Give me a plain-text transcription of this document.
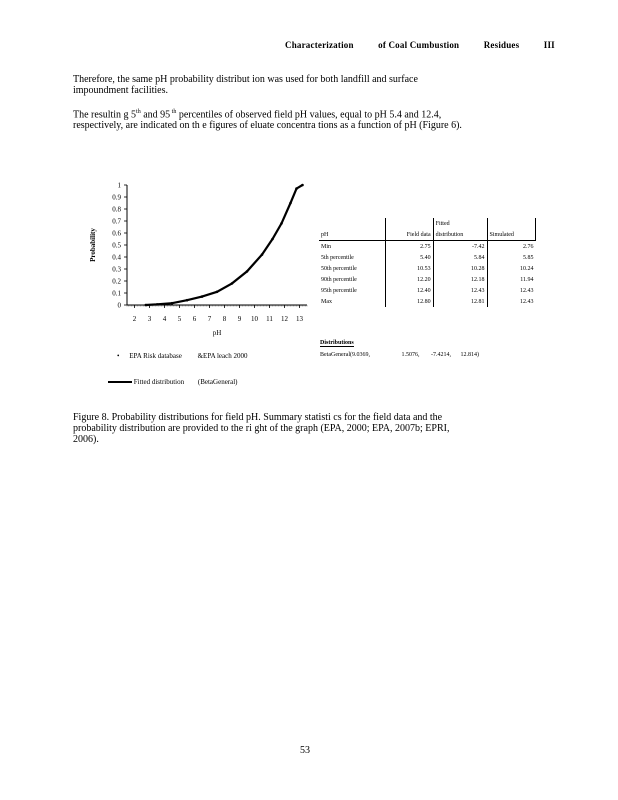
Characterization	of Coal Cumbustion	Residues	III

Therefore, the same pH probability distribut ion was used for both landfill and surface

impoundment facilities.

The resultin g 5th and 95 $^{th}$ percentiles of observed field pH values, equal to pH 5.4 and 12.4,

respectively, are indicated on th e figures of eluate concentra tions as a function of pH (Figure 6).

0
0.1
0.2
0.3
0.4
0.5
0.6
0.7
0.8
0.9
1
2 3 4 5 6 7 8 9 10 11 12 13
pH
Probability
• EPA Risk database &EPA leach 2000
Fitted distribution (BetaGeneral)
		Fitted	
pH	Field data	distribution	Simulated
Min	2.75	-7.42	2.76
5th percentile	5.40	5.84	5.85
50th percentile	10.53	10.28	10.24
90th percentile	12.20	12.18	11.94
95th percentile	12.40	12.43	12.43
Max	12.80	12.81	12.43
Distributions
BetaGeneral(9.0369,	1.5076, -7.4214, 12.814)
Figure 8. Probability distributions for field pH. Summary statisti cs for the field data and the
probability distribution are provided to the ri ght of the graph (EPA, 2000; EPA, 2007b; EPRI,
2006).
53
